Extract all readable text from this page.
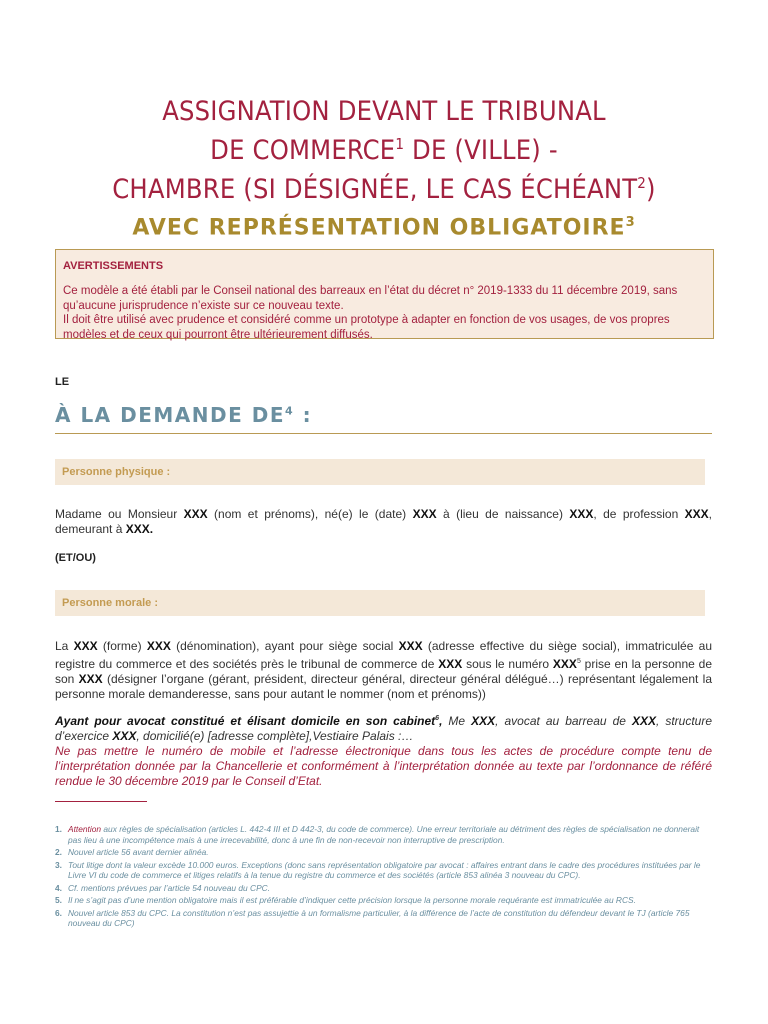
ASSIGNATION DEVANT LE TRIBUNAL
DE COMMERCE$^1$ DE (VILLE) -
CHAMBRE (SI DÉSIGNÉE, LE CAS ÉCHÉANT$^2$)
AVEC REPRÉSENTATION OBLIGATOIRE$^3$
AVERTISSEMENTS
Ce modèle a été établi par le Conseil national des barreaux en l’état du décret n° 2019-1333 du 11 décembre 2019, sans qu’aucune jurisprudence n’existe sur ce nouveau texte.
Il doit être utilisé avec prudence et considéré comme un prototype à adapter en fonction de vos usages, de vos propres modèles et de ceux qui pourront être ultérieurement diffusés.
LE
À LA DEMANDE $DE^4$ :
Personne physique :
Madame ou Monsieur XXX (nom et prénoms), né(e) le (date) XXX à (lieu de naissance) XXX, de profession XXX, demeurant à XXX.
(ET/OU)
Personne morale :
La XXX (forme) XXX (dénomination), ayant pour siège social XXX (adresse effective du siège social), immatriculée au registre du commerce et des sociétés près le tribunal de commerce de XXX sous le numéro XXX$^5$ prise en la personne de son XXX (désigner l’organe (gérant, président, directeur général, directeur général délégué…) représentant légalement la personne morale demanderesse, sans pour autant le nommer (nom et prénoms))
Ayant pour avocat constitué et élisant domicile en son cabinet$^6$, Me XXX, avocat au barreau de XXX, structure d’exercice XXX, domicilié(e) [adresse complète],Vestiaire Palais :…
Ne pas mettre le numéro de mobile et l’adresse électronique dans tous les actes de procédure compte tenu de l’interprétation donnée par la Chancellerie et conformément à l’interprétation donnée au texte par l’ordonnance de référé rendue le 30 décembre 2019 par le Conseil d’Etat.
1. Attention aux règles de spécialisation (articles L. 442-4 III et D 442-3, du code de commerce). Une erreur territoriale au détriment des règles de spécialisation ne donnerait pas lieu à une incompétence mais à une irrecevabilité, donc à une fin de non-recevoir non interruptive de prescription.
2. Nouvel article 56 avant dernier alinéa.
3. Tout litige dont la valeur excède 10.000 euros. Exceptions (donc sans représentation obligatoire par avocat : affaires entrant dans le cadre des procédures instituées par le Livre VI du code de commerce et litiges relatifs à la tenue du registre du commerce et des sociétés (article 853 alinéa 3 nouveau du CPC).
4. Cf. mentions prévues par l’article 54 nouveau du CPC.
5. Il ne s’agit pas d’une mention obligatoire mais il est préférable d’indiquer cette précision lorsque la personne morale requérante est immatriculée au RCS.
6. Nouvel article 853 du CPC. La constitution n’est pas assujettie à un formalisme particulier, à la différence de l’acte de constitution du défendeur devant le TJ (article 765 nouveau du CPC)
